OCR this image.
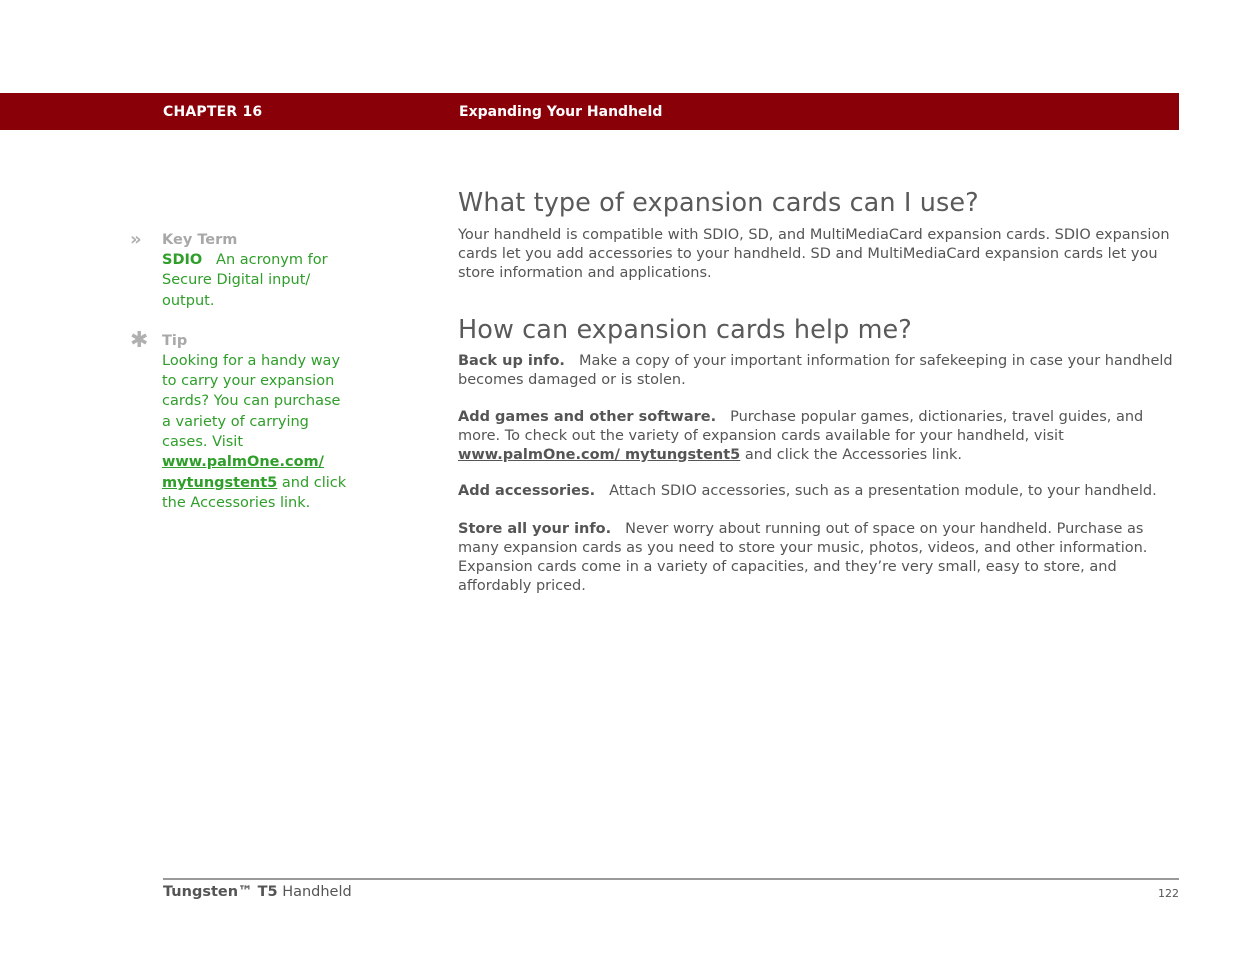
CHAPTER 16	Expanding Your Handheld
» Key Term
SDIO An acronym for Secure Digital input/ output.
✱ Tip
Looking for a handy way to carry your expansion cards? You can purchase a variety of carrying cases. Visit www.palmOne.com/ mytungstent5 and click the Accessories link.
What type of expansion cards can I use?

Your handheld is compatible with SDIO, SD, and MultiMediaCard expansion cards. SDIO expansion cards let you add accessories to your handheld. SD and MultiMediaCard expansion cards let you store information and applications.

How can expansion cards help me?

Back up info. Make a copy of your important information for safekeeping in case your handheld becomes damaged or is stolen.

Add games and other software. Purchase popular games, dictionaries, travel guides, and more. To check out the variety of expansion cards available for your handheld, visit www.palmOne.com/ mytungstent5 and click the Accessories link.

Add accessories. Attach SDIO accessories, such as a presentation module, to your handheld.

Store all your info. Never worry about running out of space on your handheld. Purchase as many expansion cards as you need to store your music, photos, videos, and other information. Expansion cards come in a variety of capacities, and they’re very small, easy to store, and affordably priced.

Tungsten™ T5 Handheld	122
